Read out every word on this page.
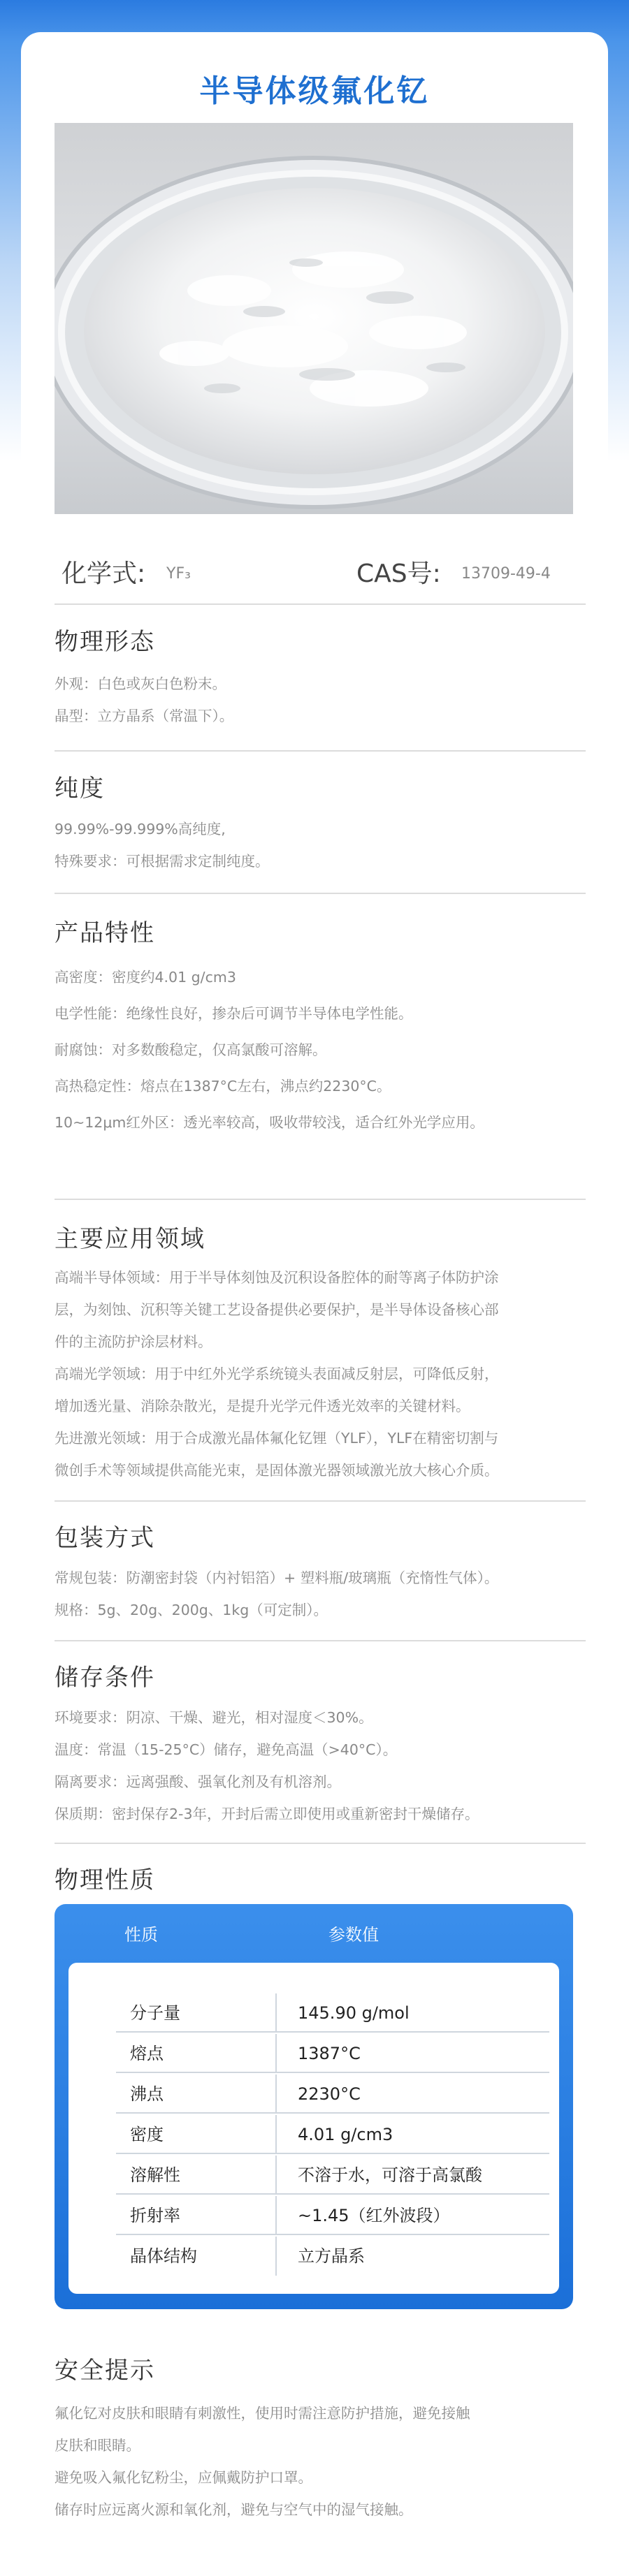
半导体级氟化钇
化学式: YF₃	CAS号: 13709-49-4
物理形态
外观：白色或灰白色粉末。
晶型：立方晶系（常温下）。
纯度
99.99%-99.999%高纯度,
特殊要求：可根据需求定制纯度。
产品特性
高密度：密度约4.01 g/cm3
电学性能：绝缘性良好，掺杂后可调节半导体电学性能。
耐腐蚀：对多数酸稳定，仅高氯酸可溶解。
高热稳定性：熔点在1387°C左右，沸点约2230°C。
10~12μm红外区：透光率较高，吸收带较浅，适合红外光学应用。
主要应用领域
高端半导体领域：用于半导体刻蚀及沉积设备腔体的耐等离子体防护涂
层，为刻蚀、沉积等关键工艺设备提供必要保护，是半导体设备核心部
件的主流防护涂层材料。
高端光学领域：用于中红外光学系统镜头表面减反射层，可降低反射，
增加透光量、消除杂散光，是提升光学元件透光效率的关键材料。
先进激光领域：用于合成激光晶体氟化钇锂（YLF），YLF在精密切割与
微创手术等领域提供高能光束，是固体激光器领域激光放大核心介质。
包装方式
常规包装：防潮密封袋（内衬铝箔）+ 塑料瓶/玻璃瓶（充惰性气体）。
规格：5g、20g、200g、1kg（可定制）。
储存条件
环境要求：阴凉、干燥、避光，相对湿度＜30%。
温度：常温（15-25°C）储存，避免高温（>40°C）。
隔离要求：远离强酸、强氧化剂及有机溶剂。
保质期：密封保存2-3年，开封后需立即使用或重新密封干燥储存。
物理性质
性质	参数值
分子量	145.90 g/mol
熔点	1387°C
沸点	2230°C
密度	4.01 g/cm3
溶解性	不溶于水，可溶于高氯酸
折射率	~1.45（红外波段）
晶体结构	立方晶系
安全提示
氟化钇对皮肤和眼睛有刺激性，使用时需注意防护措施，避免接触
皮肤和眼睛。
避免吸入氟化钇粉尘，应佩戴防护口罩。
储存时应远离火源和氧化剂，避免与空气中的湿气接触。
